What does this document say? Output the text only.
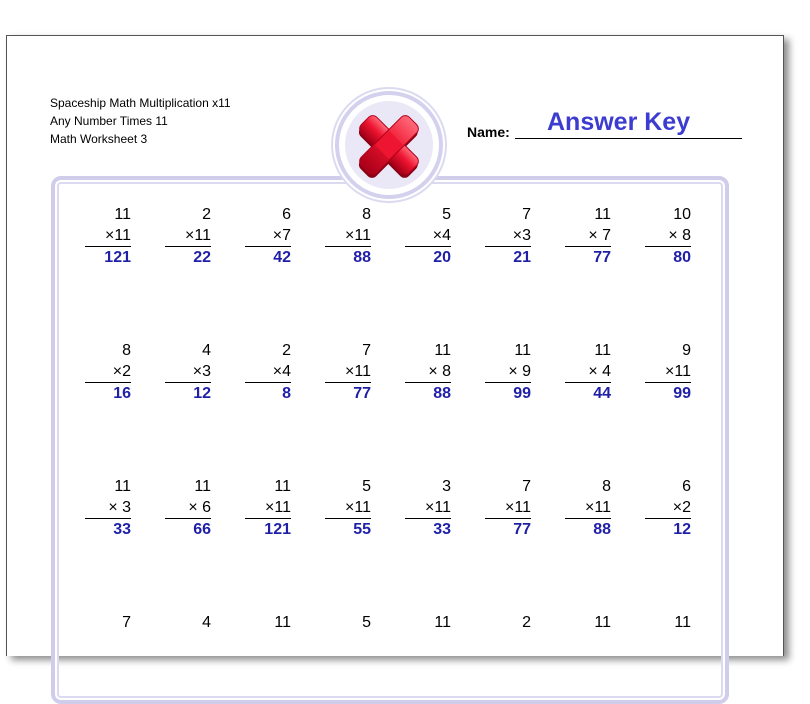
Spaceship Math Multiplication x11
Any Number Times 11
Math Worksheet 3	Name: Answer Key
11
×11
121
2
×11
22
6
×7
42
8
×11
88
5
×4
20
7
×3
21
11
× 7
77
10
× 8
80
8
×2
16
4
×3
12
2
×4
8
7
×11
77
11
× 8
88
11
× 9
99
11
× 4
44
9
×11
99
11
× 3
33
11
× 6
66
11
×11
121
5
×11
55
3
×11
33
7
×11
77
8
×11
88
6
×2
12
7	4	11	5	11	2	11	11
